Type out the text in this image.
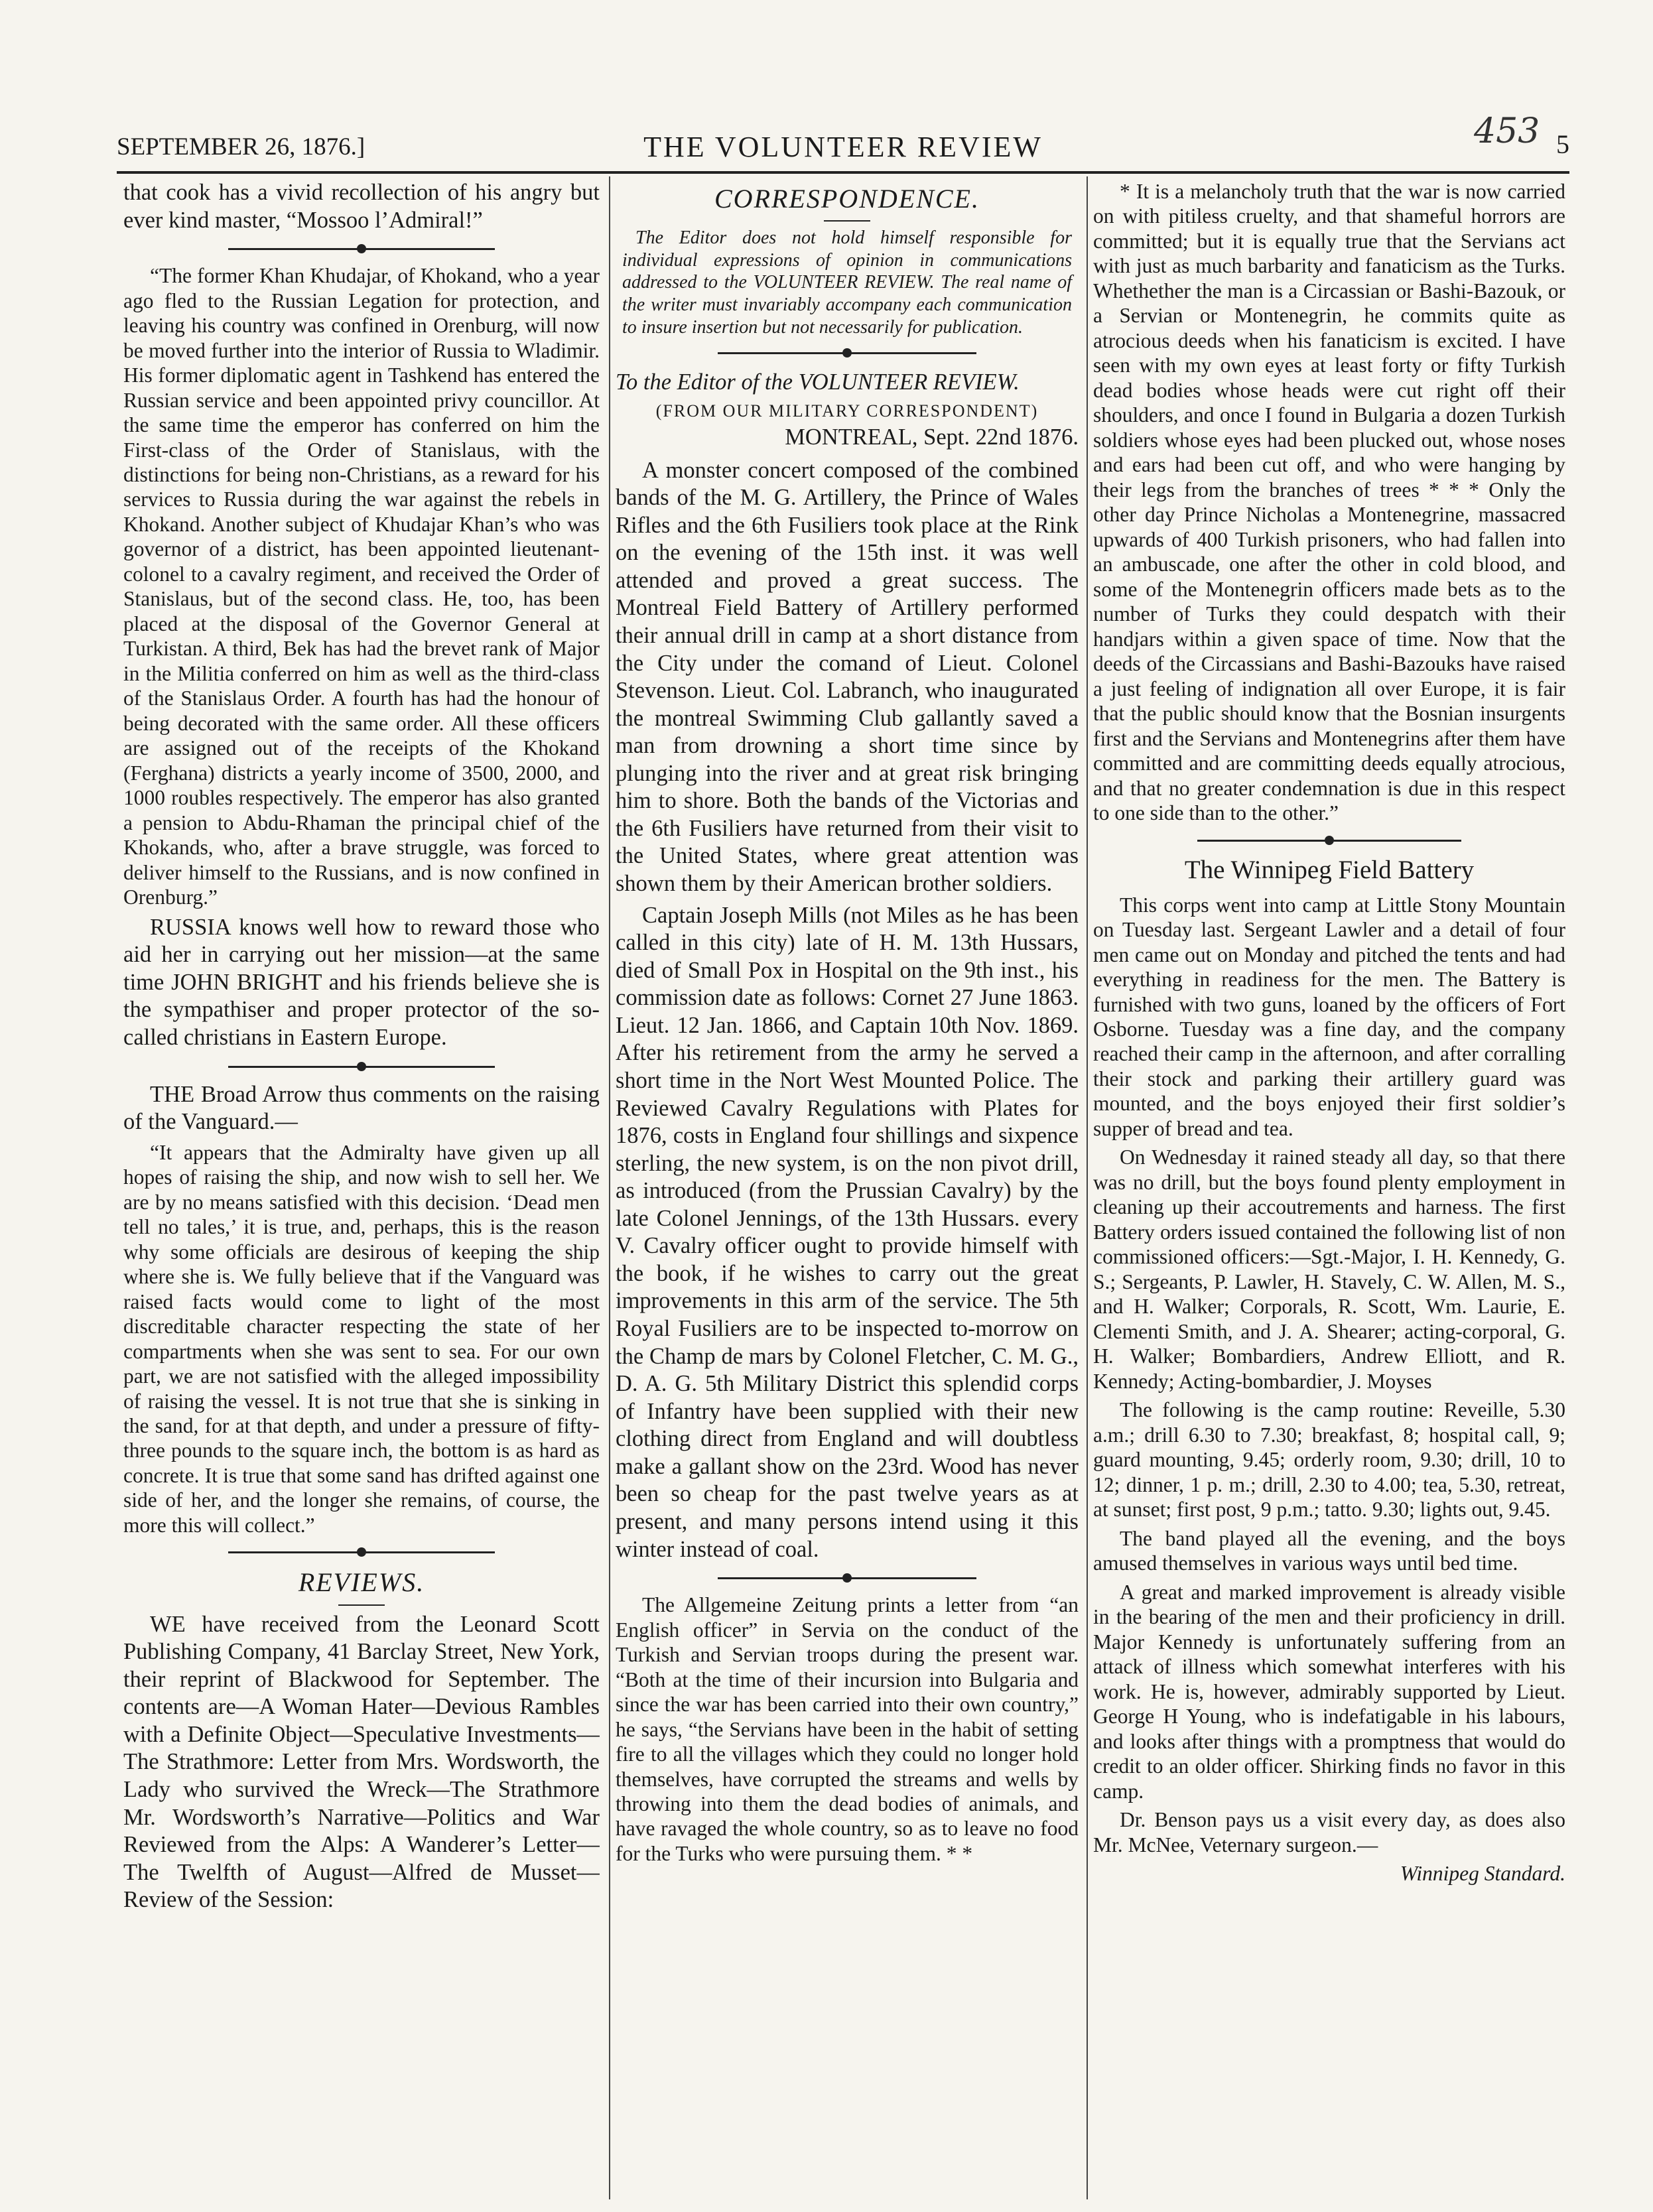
453
SEPTEMBER 26, 1876.]	THE VOLUNTEER REVIEW	5

that cook has a vivid recollection of his angry but ever kind master, “Mossoo l’Admiral!”

“The former Khan Khudajar, of Khokand, who a year ago fled to the Russian Legation for protection, and leaving his country was confined in Orenburg, will now be moved further into the interior of Russia to Wladimir. His former diplomatic agent in Tashkend has entered the Russian service and been appointed privy councillor. At the same time the emperor has conferred on him the First-class of the Order of Stanislaus, with the distinctions for being non-Christians, as a reward for his services to Russia during the war against the rebels in Khokand. Another subject of Khudajar Khan’s who was governor of a district, has been appointed lieutenant-colonel to a cavalry regiment, and received the Order of Stanislaus, but of the second class. He, too, has been placed at the disposal of the Governor General at Turkistan. A third, Bek has had the brevet rank of Major in the Militia conferred on him as well as the third-class of the Stanislaus Order. A fourth has had the honour of being decorated with the same order. All these officers are assigned out of the receipts of the Khokand (Ferghana) districts a yearly income of 3500, 2000, and 1000 roubles respectively. The emperor has also granted a pension to Abdu-Rhaman the principal chief of the Khokands, who, after a brave struggle, was forced to deliver himself to the Russians, and is now confined in Orenburg.”

RUSSIA knows well how to reward those who aid her in carrying out her mission—at the same time JOHN BRIGHT and his friends believe she is the sympathiser and proper protector of the so-called christians in Eastern Europe.

THE Broad Arrow thus comments on the raising of the Vanguard.—

“It appears that the Admiralty have given up all hopes of raising the ship, and now wish to sell her. We are by no means satisfied with this decision. ‘Dead men tell no tales,’ it is true, and, perhaps, this is the reason why some officials are desirous of keeping the ship where she is. We fully believe that if the Vanguard was raised facts would come to light of the most discreditable character respecting the state of her compartments when she was sent to sea. For our own part, we are not satisfied with the alleged impossibility of raising the vessel. It is not true that she is sinking in the sand, for at that depth, and under a pressure of fifty-three pounds to the square inch, the bottom is as hard as concrete. It is true that some sand has drifted against one side of her, and the longer she remains, of course, the more this will collect.”

REVIEWS.

WE have received from the Leonard Scott Publishing Company, 41 Barclay Street, New York, their reprint of Blackwood for September. The contents are—A Woman Hater—Devious Rambles with a Definite Object—Speculative Investments—The Strathmore: Letter from Mrs. Wordsworth, the Lady who survived the Wreck—The Strathmore Mr. Wordsworth’s Narrative—Politics and War Reviewed from the Alps: A Wanderer’s Letter—The Twelfth of August—Alfred de Musset—Review of the Session:

CORRESPONDENCE.

The Editor does not hold himself responsible for individual expressions of opinion in communications addressed to the VOLUNTEER REVIEW. The real name of the writer must invariably accompany each communication to insure insertion but not necessarily for publication.

To the Editor of the VOLUNTEER REVIEW.

(FROM OUR MILITARY CORRESPONDENT)

MONTREAL, Sept. 22nd 1876.

A monster concert composed of the combined bands of the M. G. Artillery, the Prince of Wales Rifles and the 6th Fusiliers took place at the Rink on the evening of the 15th inst. it was well attended and proved a great success. The Montreal Field Battery of Artillery performed their annual drill in camp at a short distance from the City under the comand of Lieut. Colonel Stevenson. Lieut. Col. Labranch, who inaugurated the montreal Swimming Club gallantly saved a man from drowning a short time since by plunging into the river and at great risk bringing him to shore. Both the bands of the Victorias and the 6th Fusiliers have returned from their visit to the United States, where great attention was shown them by their American brother soldiers.

Captain Joseph Mills (not Miles as he has been called in this city) late of H. M. 13th Hussars, died of Small Pox in Hospital on the 9th inst., his commission date as follows: Cornet 27 June 1863. Lieut. 12 Jan. 1866, and Captain 10th Nov. 1869. After his retirement from the army he served a short time in the Nort West Mounted Police. The Reviewed Cavalry Regulations with Plates for 1876, costs in England four shillings and sixpence sterling, the new system, is on the non pivot drill, as introduced (from the Prussian Cavalry) by the late Colonel Jennings, of the 13th Hussars. every V. Cavalry officer ought to provide himself with the book, if he wishes to carry out the great improvements in this arm of the service. The 5th Royal Fusiliers are to be inspected to-morrow on the Champ de mars by Colonel Fletcher, C. M. G., D. A. G. 5th Military District this splendid corps of Infantry have been supplied with their new clothing direct from England and will doubtless make a gallant show on the 23rd. Wood has never been so cheap for the past twelve years as at present, and many persons intend using it this winter instead of coal.

The Allgemeine Zeitung prints a letter from “an English officer” in Servia on the conduct of the Turkish and Servian troops during the present war. “Both at the time of their incursion into Bulgaria and since the war has been carried into their own country,” he says, “the Servians have been in the habit of setting fire to all the villages which they could no longer hold themselves, have corrupted the streams and wells by throwing into them the dead bodies of animals, and have ravaged the whole country, so as to leave no food for the Turks who were pursuing them. * *

* It is a melancholy truth that the war is now carried on with pitiless cruelty, and that shameful horrors are committed; but it is equally true that the Servians act with just as much barbarity and fanaticism as the Turks. Whethether the man is a Circassian or Bashi-Bazouk, or a Servian or Montenegrin, he commits quite as atrocious deeds when his fanaticism is excited. I have seen with my own eyes at least forty or fifty Turkish dead bodies whose heads were cut right off their shoulders, and once I found in Bulgaria a dozen Turkish soldiers whose eyes had been plucked out, whose noses and ears had been cut off, and who were hanging by their legs from the branches of trees * * * Only the other day Prince Nicholas a Montenegrine, massacred upwards of 400 Turkish prisoners, who had fallen into an ambuscade, one after the other in cold blood, and some of the Montenegrin officers made bets as to the number of Turks they could despatch with their handjars within a given space of time. Now that the deeds of the Circassians and Bashi-Bazouks have raised a just feeling of indignation all over Europe, it is fair that the public should know that the Bosnian insurgents first and the Servians and Montenegrins after them have committed and are committing deeds equally atrocious, and that no greater condemnation is due in this respect to one side than to the other.”

The Winnipeg Field Battery

This corps went into camp at Little Stony Mountain on Tuesday last. Sergeant Lawler and a detail of four men came out on Monday and pitched the tents and had everything in readiness for the men. The Battery is furnished with two guns, loaned by the officers of Fort Osborne. Tuesday was a fine day, and the company reached their camp in the afternoon, and after corralling their stock and parking their artillery guard was mounted, and the boys enjoyed their first soldier’s supper of bread and tea.

On Wednesday it rained steady all day, so that there was no drill, but the boys found plenty employment in cleaning up their accoutrements and harness. The first Battery orders issued contained the following list of non commissioned officers:—Sgt.-Major, I. H. Kennedy, G. S.; Sergeants, P. Lawler, H. Stavely, C. W. Allen, M. S., and H. Walker; Corporals, R. Scott, Wm. Laurie, E. Clementi Smith, and J. A. Shearer; acting-corporal, G. H. Walker; Bombardiers, Andrew Elliott, and R. Kennedy; Acting-bombardier, J. Moyses

The following is the camp routine: Reveille, 5.30 a.m.; drill 6.30 to 7.30; breakfast, 8; hospital call, 9; guard mounting, 9.45; orderly room, 9.30; drill, 10 to 12; dinner, 1 p. m.; drill, 2.30 to 4.00; tea, 5.30, retreat, at sunset; first post, 9 p.m.; tatto. 9.30; lights out, 9.45.

The band played all the evening, and the boys amused themselves in various ways until bed time.

A great and marked improvement is already visible in the bearing of the men and their proficiency in drill. Major Kennedy is unfortunately suffering from an attack of illness which somewhat interferes with his work. He is, however, admirably supported by Lieut. George H Young, who is indefatigable in his labours, and looks after things with a promptness that would do credit to an older officer. Shirking finds no favor in this camp.

Dr. Benson pays us a visit every day, as does also Mr. McNee, Veternary surgeon.—

Winnipeg Standard.
